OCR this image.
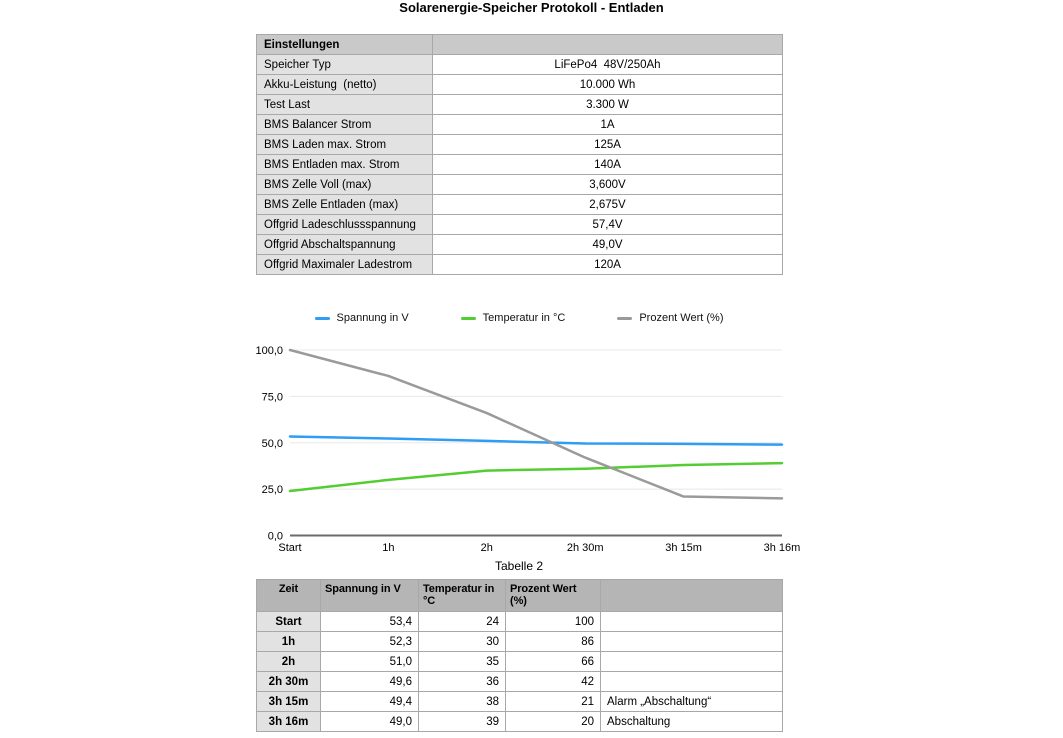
Solarenergie-Speicher Protokoll - Entladen
Einstellungen	
Speicher Typ	LiFePo4  48V/250Ah
Akku-Leistung  (netto)	10.000 Wh
Test Last	3.300 W
BMS Balancer Strom	1A
BMS Laden max. Strom	125A
BMS Entladen max. Strom	140A
BMS Zelle Voll (max)	3,600V
BMS Zelle Entladen (max)	2,675V
Offgrid Ladeschlussspannung	57,4V
Offgrid Abschaltspannung	49,0V
Offgrid Maximaler Ladestrom	120A
Spannung in V	Temperatur in °C	Prozent Wert (%)
100,0
75,0
50,0
25,0
0,0
Start	1h	2h	2h 30m	3h 15m	3h 16m
Tabelle 2
Zeit	Spannung in V	Temperatur in °C	Prozent Wert (%)	
Start	53,4	24	100	
1h	52,3	30	86	
2h	51,0	35	66	
2h 30m	49,6	36	42	
3h 15m	49,4	38	21	Alarm „Abschaltung“
3h 16m	49,0	39	20	Abschaltung
